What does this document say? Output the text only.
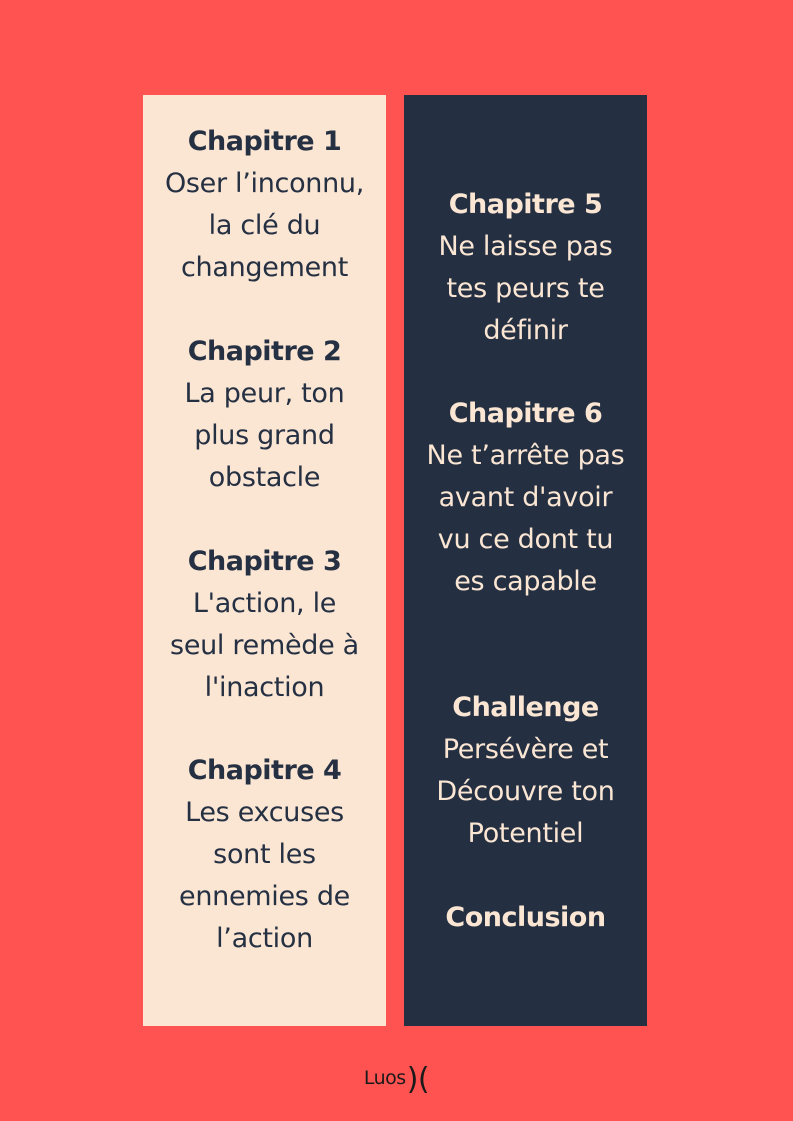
Chapitre 1
Oser l’inconnu,
la clé du
changement
Chapitre 2
La peur, ton
plus grand
obstacle
Chapitre 3
L'action, le
seul remède à
l'inaction
Chapitre 4
Les excuses
sont les
ennemies de
l’action
Chapitre 5
Ne laisse pas
tes peurs te
définir
Chapitre 6
Ne t’arrête pas
avant d'avoir
vu ce dont tu
es capable
Challenge
Persévère et
Découvre ton
Potentiel
Conclusion
Luos)(
